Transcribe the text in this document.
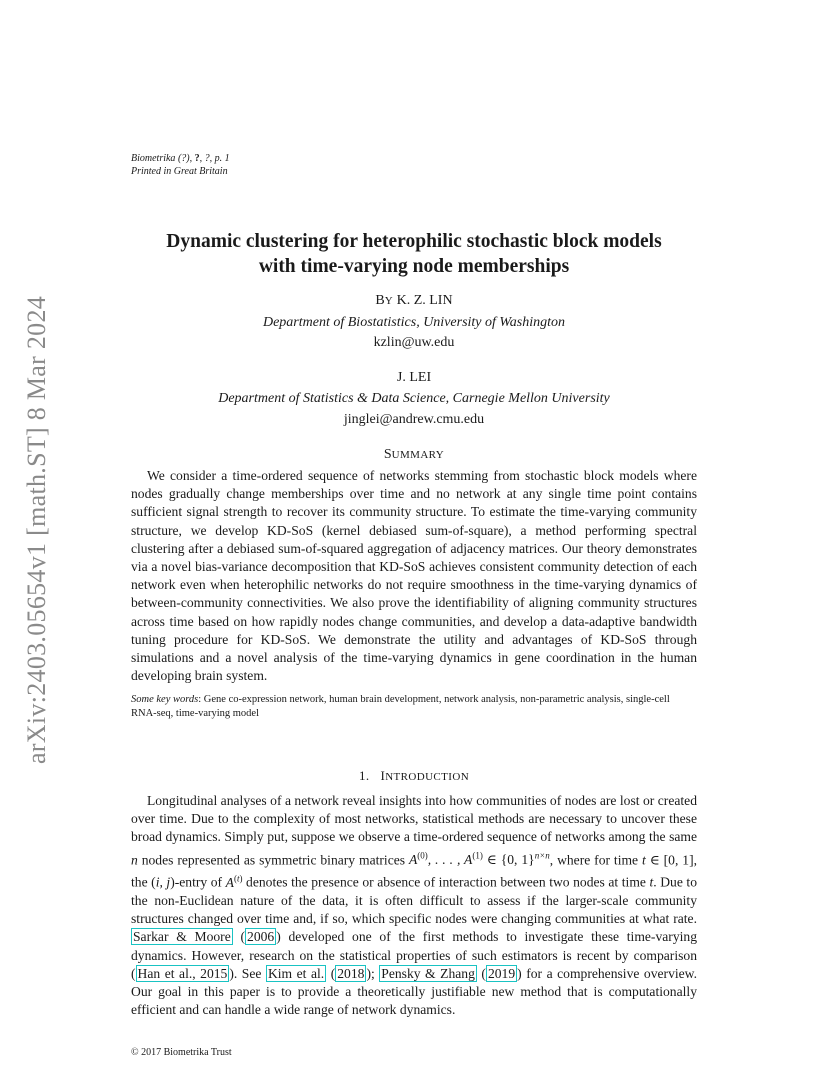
arXiv:2403.05654v1 [math.ST] 8 Mar 2024
Biometrika (?), ?, ?, p. 1
Printed in Great Britain
Dynamic clustering for heterophilic stochastic block models
with time-varying node memberships
BY K. Z. LIN
Department of Biostatistics, University of Washington
kzlin@uw.edu
J. LEI
Department of Statistics & Data Science, Carnegie Mellon University
jinglei@andrew.cmu.edu
SUMMARY
We consider a time-ordered sequence of networks stemming from stochastic block models where nodes gradually change memberships over time and no network at any single time point contains sufficient signal strength to recover its community structure. To estimate the time-varying community structure, we develop KD-SoS (kernel debiased sum-of-square), a method performing spectral clustering after a debiased sum-of-squared aggregation of adjacency matrices. Our theory demonstrates via a novel bias-variance decomposition that KD-SoS achieves consistent community detection of each network even when heterophilic networks do not require smoothness in the time-varying dynamics of between-community connectivities. We also prove the identifiability of aligning community structures across time based on how rapidly nodes change communities, and develop a data-adaptive bandwidth tuning procedure for KD-SoS. We demonstrate the utility and advantages of KD-SoS through simulations and a novel analysis of the time-varying dynamics in gene coordination in the human developing brain system.
Some key words: Gene co-expression network, human brain development, network analysis, non-parametric analysis, single-cell RNA-seq, time-varying model
1. INTRODUCTION
Longitudinal analyses of a network reveal insights into how communities of nodes are lost or created over time. Due to the complexity of most networks, statistical methods are necessary to uncover these broad dynamics. Simply put, suppose we observe a time-ordered sequence of networks among the same n nodes represented as symmetric binary matrices $A^{(0)}$, . . . , $A^{(1)}$ ∈ {0, 1}$^{n\times n}$, where for time t ∈ [0, 1], the (i, j)-entry of $A^{(t)}$ denotes the presence or absence of interaction between two nodes at time t. Due to the non-Euclidean nature of the data, it is often difficult to assess if the larger-scale community structures changed over time and, if so, which specific nodes were changing communities at what rate. Sarkar & Moore ( 2006 ) developed one of the first methods to investigate these time-varying dynamics. However, research on the statistical properties of such estimators is recent by comparison ( Han et al., 2015 ). See Kim et al. ( 2018 ); Pensky & Zhang ( 2019 ) for a comprehensive overview. Our goal in this paper is to provide a theoretically justifiable new method that is computationally efficient and can handle a wide range of network dynamics.
© 2017 Biometrika Trust
